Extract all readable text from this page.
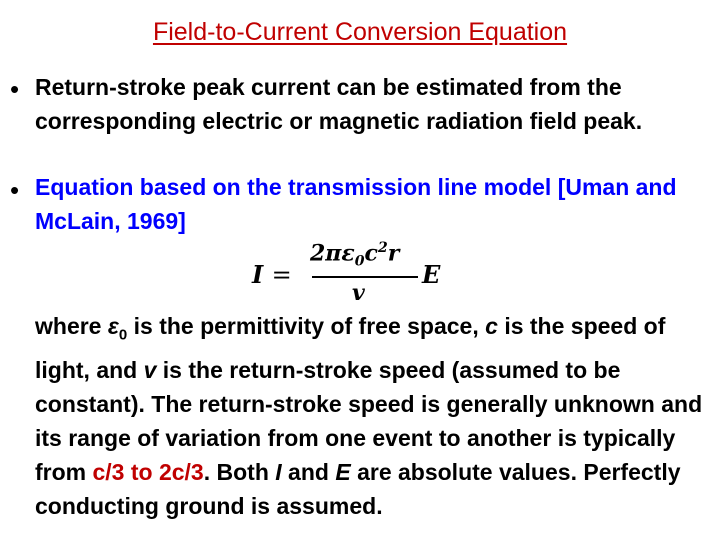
Field-to-Current Conversion Equation
• Return-stroke peak current can be estimated from the corresponding electric or magnetic radiation field peak.
• Equation based on the transmission line model [Uman and McLain, 1969]
I =
$2\pi\varepsilon_0c^2r$
v
E
where $\varepsilon_0$ is the permittivity of free space, c is the speed of light, and v is the return-stroke speed (assumed to be constant). The return-stroke speed is generally unknown and its range of variation from one event to another is typically from c/3 to 2c/3. Both I and E are absolute values. Perfectly conducting ground is assumed.
